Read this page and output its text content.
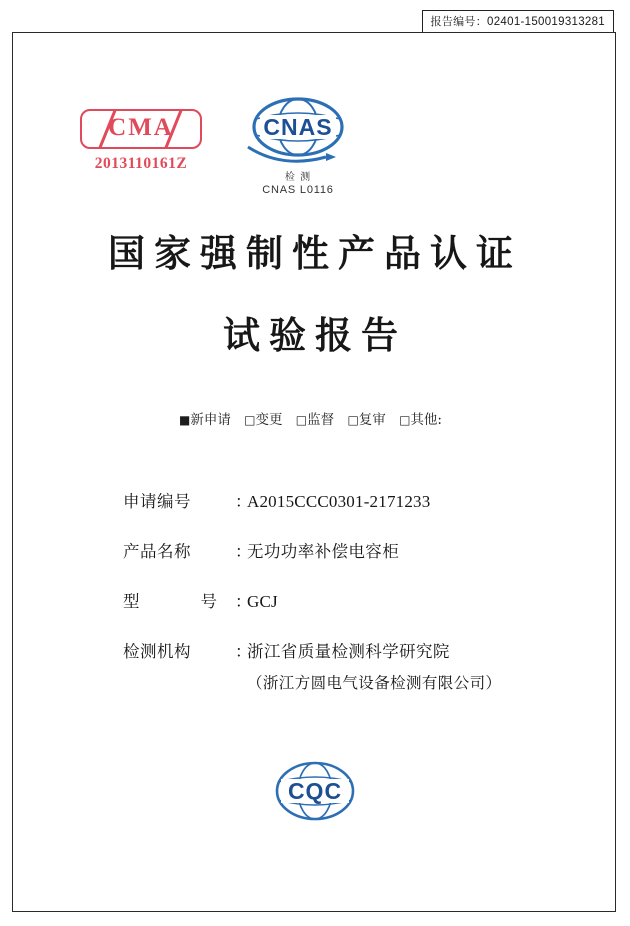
报告编号：02401-150019313281
CMA
2013110161Z
CNAS
检 测
CNAS L0116
国家强制性产品认证
试验报告
■新申请 □变更 □监督 □复审 □其他:
申请编号	：
A2015CCC0301-2171233
产品名称	：
无功功率补偿电容柜
型	号 ：
GCJ
检测机构	：
浙江省质量检测科学研究院
（浙江方圆电气设备检测有限公司）
CQC
